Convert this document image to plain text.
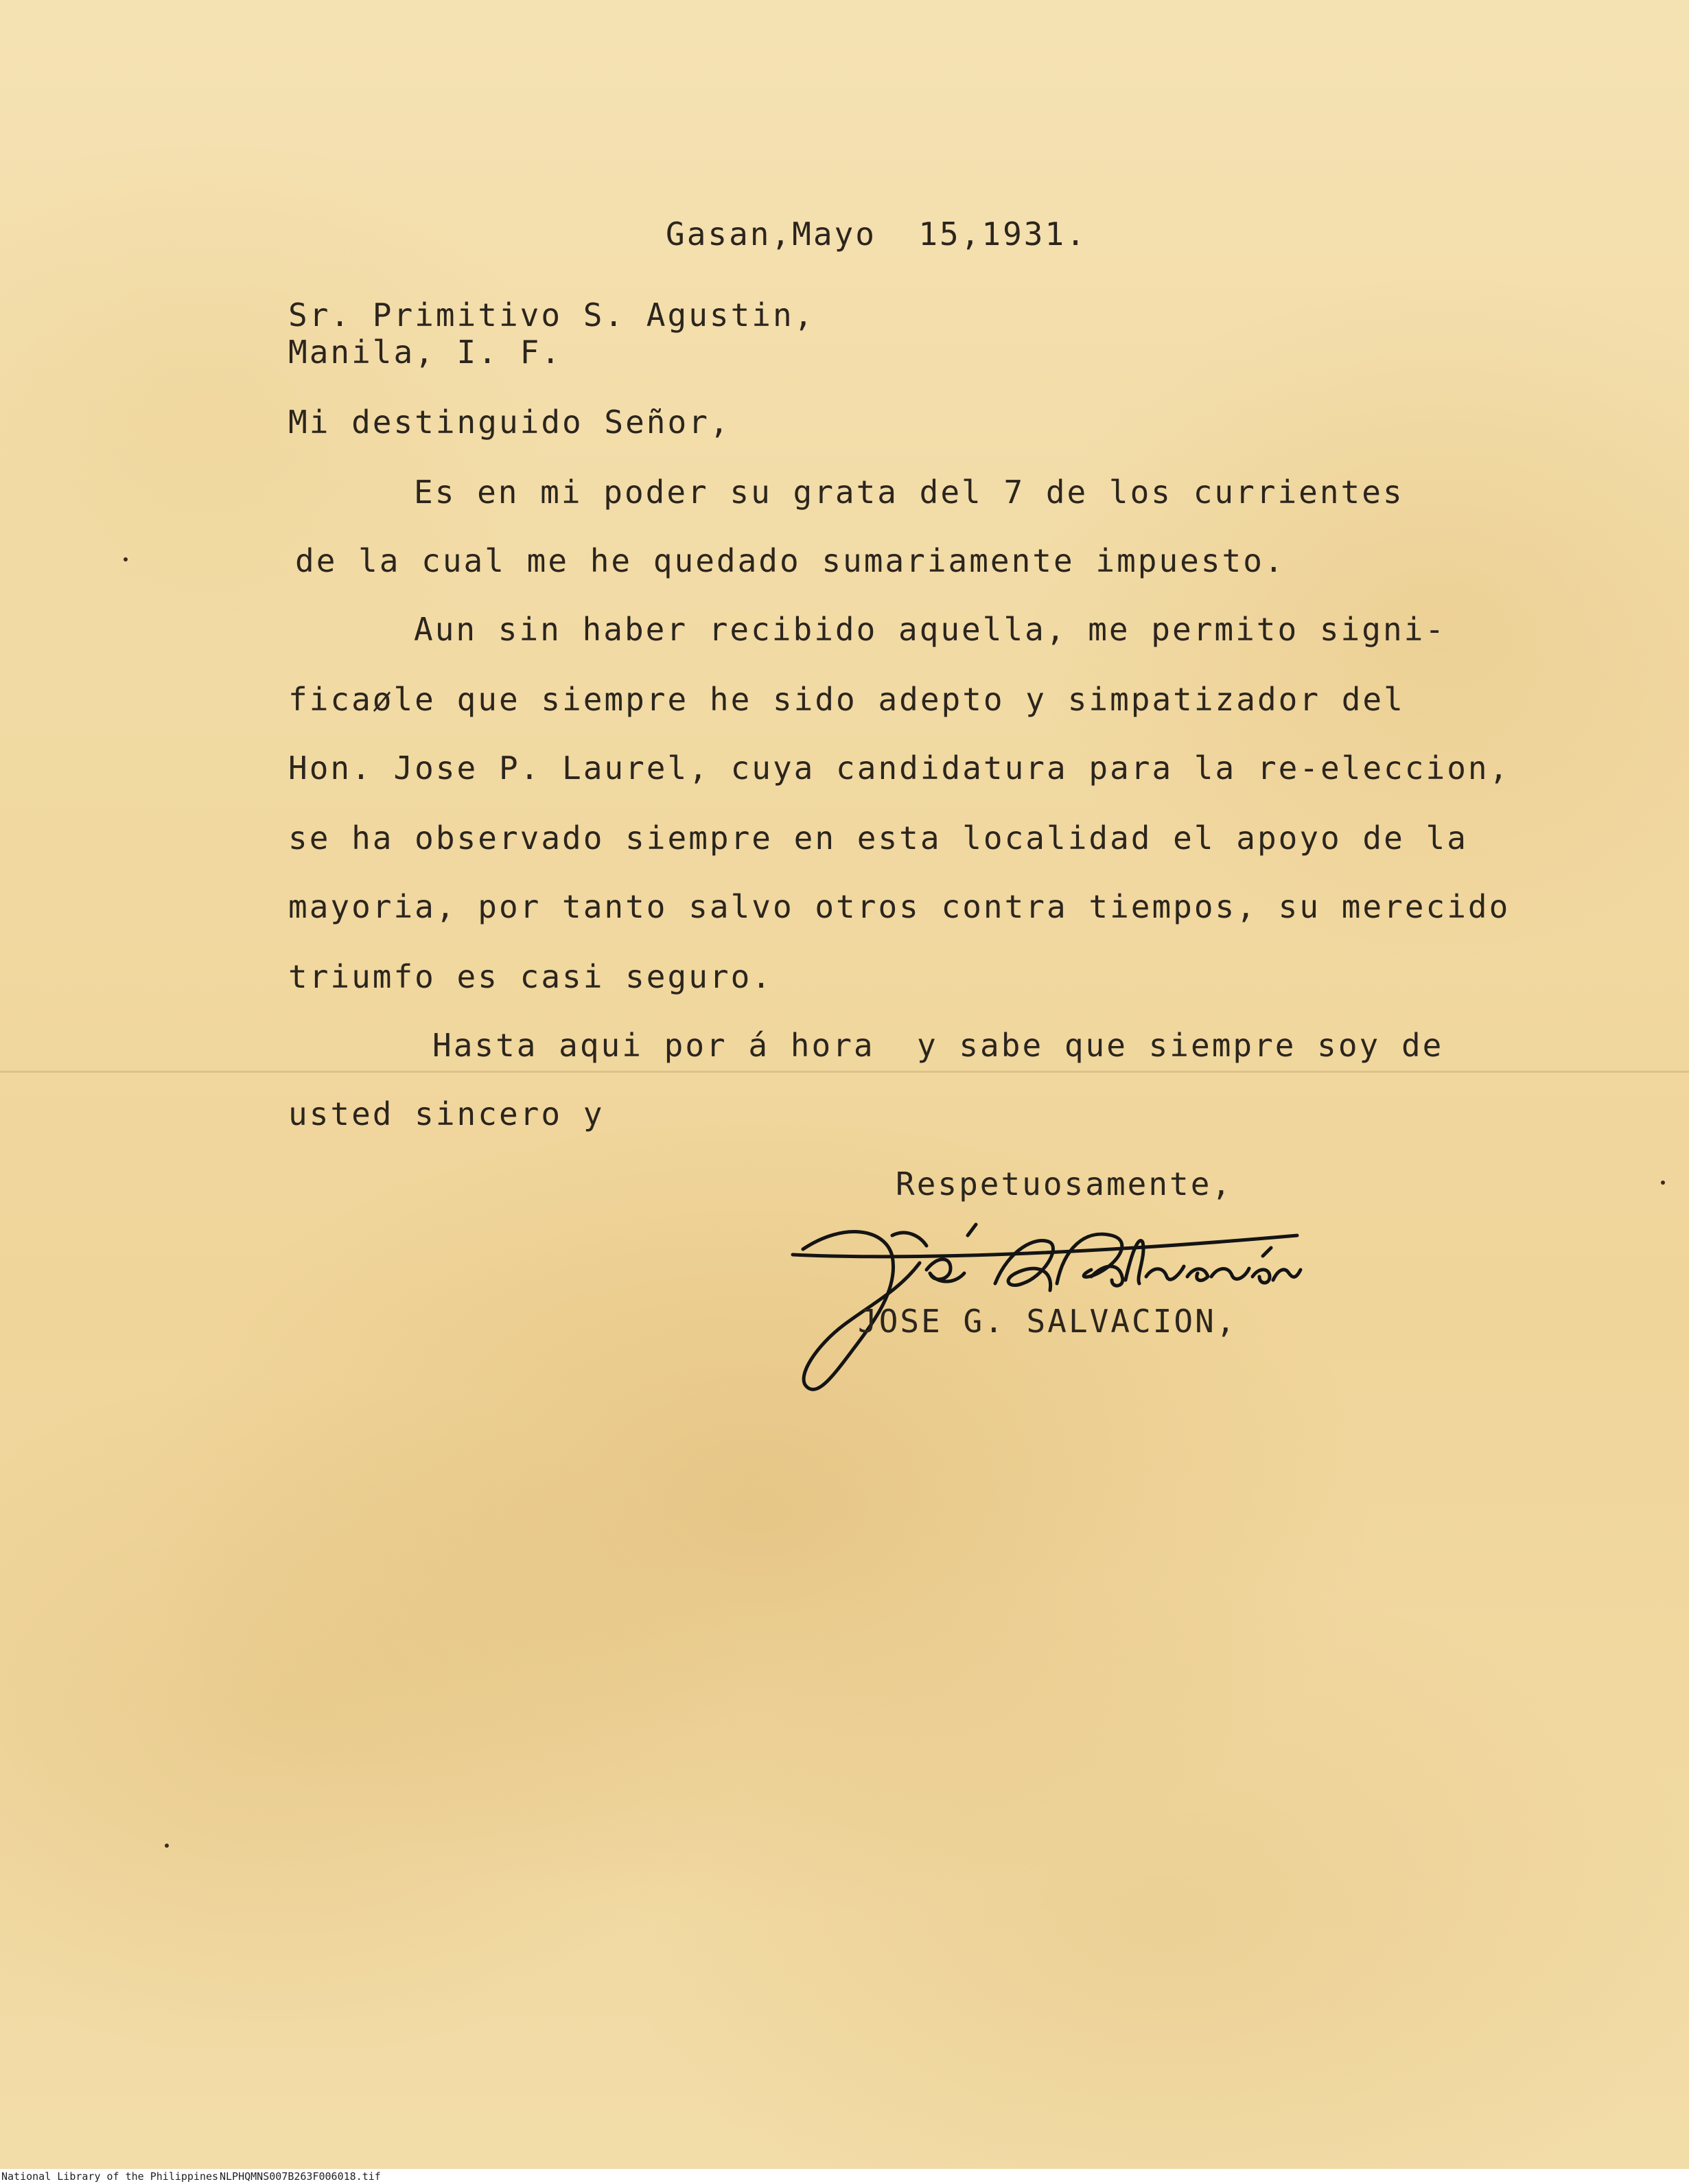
Gasan,Mayo  15,1931.
Sr. Primitivo S. Agustin,
Manila, I. F.
Mi destinguido Señor,
Es en mi poder su grata del 7 de los currientes
de la cual me he quedado sumariamente impuesto.
Aun sin haber recibido aquella, me permito signi-
ficaøle que siempre he sido adepto y simpatizador del
Hon. Jose P. Laurel, cuya candidatura para la re-eleccion,
se ha observado siempre en esta localidad el apoyo de la
mayoria, por tanto salvo otros contra tiempos, su merecido
triumfo es casi seguro.
Hasta aqui por á hora  y sabe que siempre soy de
usted sincero y
Respetuosamente,
JOSE G. SALVACION,

National Library of the Philippines

NLPHQMNS007B263F006018.tif
